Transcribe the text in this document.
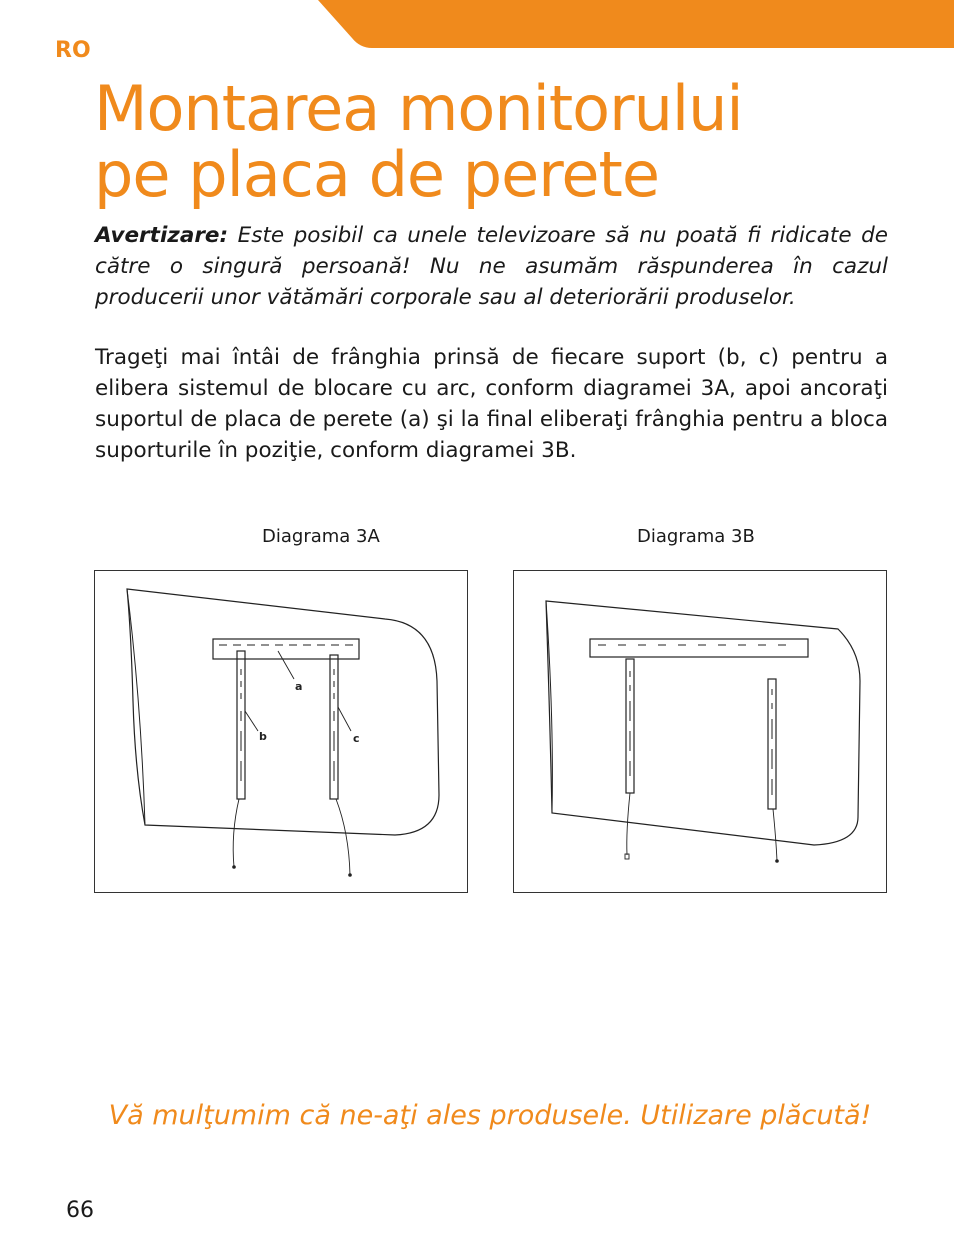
RO
Montarea monitorului
pe placa de perete

Avertizare: Este posibil ca unele televizoare să nu poată fi ridicate de către o singură persoană! Nu ne asumăm răspunderea în cazul producerii unor vătămări corporale sau al deteriorării produselor.

Trageţi mai întâi de frânghia prinsă de fiecare suport (b, c) pentru a elibera sistemul de blocare cu arc, conform diagramei 3A, apoi ancoraţi suportul de placa de perete (a) şi la final eliberaţi frânghia pentru a bloca suporturile în poziţie, conform diagramei 3B.

Diagrama 3A	Diagrama 3B
a
b	c
Vă mulţumim că ne-aţi ales produsele. Utilizare plăcută!
66
